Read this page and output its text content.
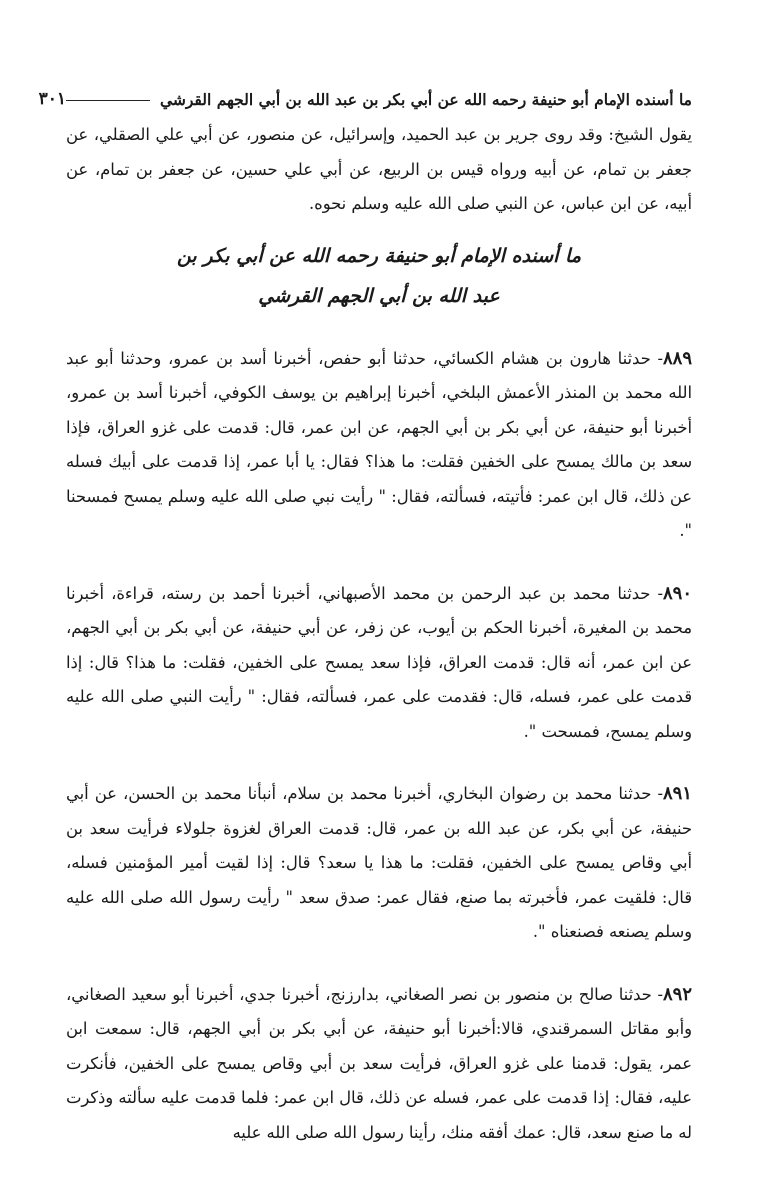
ما أسنده الإمام أبو حنيفة رحمه الله عن أبي بكر بن عبد الله بن أبي الجهم القرشي
٣٠١

يقول الشيخ: وقد روى جرير بن عبد الحميد، وإسرائيل، عن منصور، عن أبي علي الصقلي، عن جعفر بن تمام، عن أبيه ورواه قيس بن الربيع، عن أبي علي حسين، عن جعفر بن تمام، عن أبيه، عن ابن عباس، عن النبي صلى الله عليه وسلم نحوه.

ما أسنده الإمام أبو حنيفة رحمه الله عن أبي بكر بن
عبد الله بن أبي الجهم القرشي

٨٨٩- حدثنا هارون بن هشام الكسائي، حدثنا أبو حفص، أخبرنا أسد بن عمرو، وحدثنا أبو عبد الله محمد بن المنذر الأعمش البلخي، أخبرنا إبراهيم بن يوسف الكوفي، أخبرنا أسد بن عمرو، أخبرنا أبو حنيفة، عن أبي بكر بن أبي الجهم، عن ابن عمر، قال: قدمت على غزو العراق، فإذا سعد بن مالك يمسح على الخفين فقلت: ما هذا؟ فقال: يا أبا عمر، إذا قدمت على أبيك فسله عن ذلك، قال ابن عمر: فأتيته، فسألته، فقال: " رأيت نبي صلى الله عليه وسلم يمسح فمسحنا ".

٨٩٠- حدثنا محمد بن عبد الرحمن بن محمد الأصبهاني، أخبرنا أحمد بن رسته، قراءة، أخبرنا محمد بن المغيرة، أخبرنا الحكم بن أيوب، عن زفر، عن أبي حنيفة، عن أبي بكر بن أبي الجهم، عن ابن عمر، أنه قال: قدمت العراق، فإذا سعد يمسح على الخفين، فقلت: ما هذا؟ قال: إذا قدمت على عمر، فسله، قال: فقدمت على عمر، فسألته، فقال: " رأيت النبي صلى الله عليه وسلم يمسح، فمسحت ".

٨٩١- حدثنا محمد بن رضوان البخاري، أخبرنا محمد بن سلام، أنبأنا محمد بن الحسن، عن أبي حنيفة، عن أبي بكر، عن عبد الله بن عمر، قال: قدمت العراق لغزوة جلولاء فرأيت سعد بن أبي وقاص يمسح على الخفين، فقلت: ما هذا يا سعد؟ قال: إذا لقيت أمير المؤمنين فسله، قال: فلقيت عمر، فأخبرته بما صنع، فقال عمر: صدق سعد " رأيت رسول الله صلى الله عليه وسلم يصنعه فصنعناه ".

٨٩٢- حدثنا صالح بن منصور بن نصر الصغاني، بدارزنج، أخبرنا جدي، أخبرنا أبو سعيد الصغاني، وأبو مقاتل السمرقندي، قالا:أخبرنا أبو حنيفة، عن أبي بكر بن أبي الجهم، قال: سمعت ابن عمر، يقول: قدمنا على غزو العراق، فرأيت سعد بن أبي وقاص يمسح على الخفين، فأنكرت عليه، فقال: إذا قدمت على عمر، فسله عن ذلك، قال ابن عمر: فلما قدمت عليه سألته وذكرت له ما صنع سعد، قال: عمك أفقه منك، رأينا رسول الله صلى الله عليه
